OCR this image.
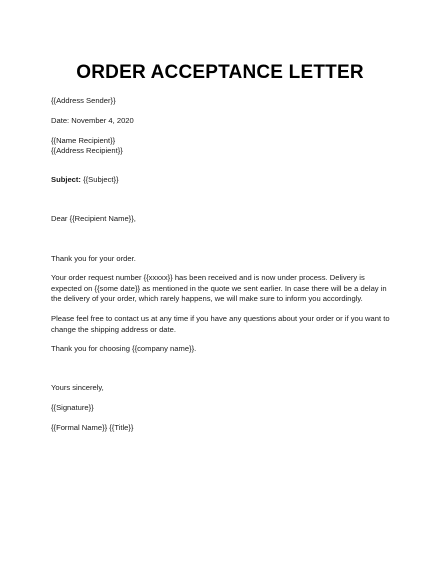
ORDER ACCEPTANCE LETTER
{{Address Sender}}
Date: November 4, 2020
{{Name Recipient}}
{{Address Recipient}}
Subject: {{Subject}}
Dear {{Recipient Name}},
Thank you for your order.
Your order request number {{xxxxx}} has been received and is now under process. Delivery is expected on {{some date}} as mentioned in the quote we sent earlier. In case there will be a delay in the delivery of your order, which rarely happens, we will make sure to inform you accordingly.
Please feel free to contact us at any time if you have any questions about your order or if you want to change the shipping address or date.
Thank you for choosing {{company name}}.
Yours sincerely,
{{Signature}}
{{Formal Name}} {{Title}}
